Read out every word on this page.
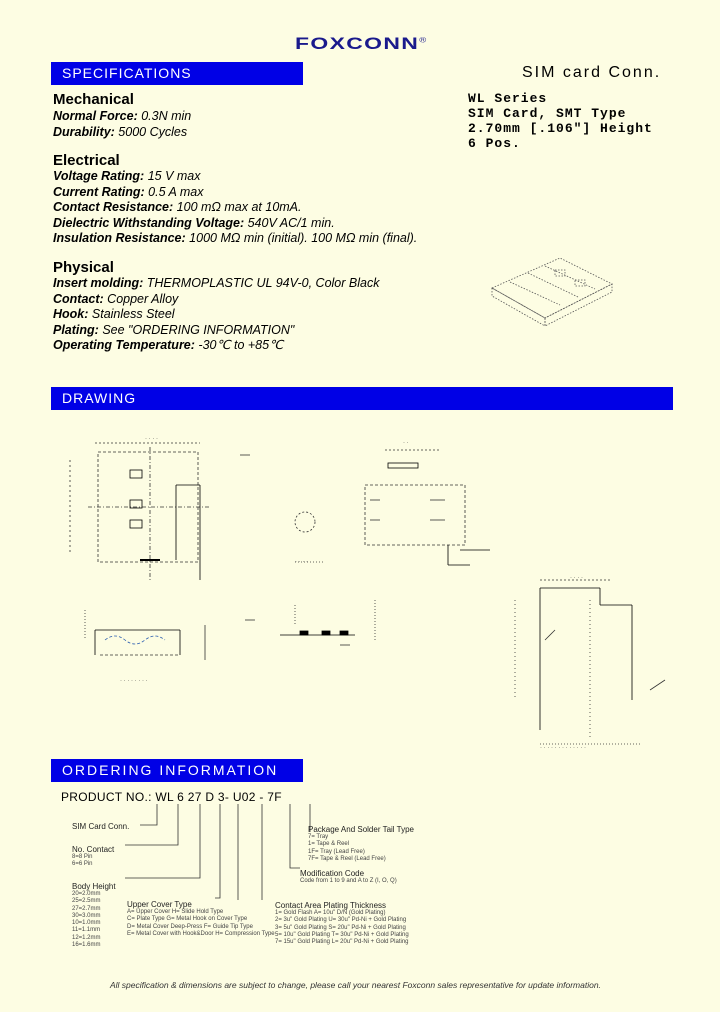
FOXCONN®
SPECIFICATIONS
DRAWING
ORDERING INFORMATION
SIM card Conn.
WL Series
SIM Card, SMT Type
2.70mm [.106"] Height
6 Pos.
Mechanical
Normal Force: 0.3N min
Durability: 5000 Cycles
Electrical
Voltage Rating: 15 V max
Current Rating: 0.5 A max
Contact Resistance: 100 mΩ max at 10mA.
Dielectric Withstanding Voltage: 540V AC/1 min.
Insulation Resistance: 1000 MΩ min (initial). 100 MΩ min (final).
Physical
Insert molding: THERMOPLASTIC UL 94V-0, Color Black
Contact: Copper Alloy
Hook: Stainless Steel
Plating: See "ORDERING INFORMATION"
Operating Temperature: -30℃ to +85℃
· · · ·
· ·
· · · ·
· · · · · · · ·
· · · ·
· · · · · · · · · · · · ·
PRODUCT NO.: WL 6 27 D 3- U02 - 7F
SIM Card Conn.
No. Contact
8=8 Pin
6=6 Pin
Body Height
20=2.0mm
25=2.5mm
27=2.7mm
30=3.0mm
10=1.0mm
11=1.1mm
12=1.2mm
16=1.6mm
Upper Cover Type
A= Upper Cover H= Slide Hold Type
C= Plate Type G= Metal Hook on Cover Type
D= Metal Cover Deep-Press F= Guide Tip Type
E= Metal Cover with Hook&Door H= Compression Type
Package And Solder Tail Type
7= Tray
1= Tape & Reel
1F= Tray (Lead Free)
7F= Tape & Reel (Lead Free)
Modification Code
Code from 1 to 9 and A to Z (I, O, Q)
Contact Area Plating Thickness
1= Gold Flash A= 10u" D/N (Gold Plating)
2= 3u" Gold Plating U= 30u" Pd-Ni + Gold Plating
3= 5u" Gold Plating S= 20u" Pd-Ni + Gold Plating
5= 10u" Gold Plating T= 30u" Pd-Ni + Gold Plating
7= 15u" Gold Plating L= 20u" Pd-Ni + Gold Plating
All specification & dimensions are subject to change, please call your nearest Foxconn sales representative for update information.
